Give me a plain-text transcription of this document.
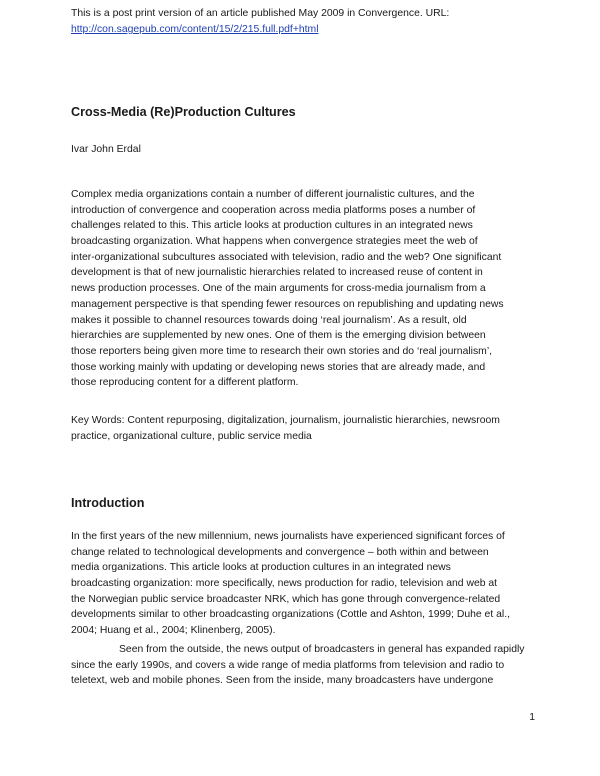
This is a post print version of an article published May 2009 in Convergence. URL:
http://con.sagepub.com/content/15/2/215.full.pdf+html
Cross-Media (Re)Production Cultures
Ivar John Erdal
Complex media organizations contain a number of different journalistic cultures, and the
introduction of convergence and cooperation across media platforms poses a number of
challenges related to this. This article looks at production cultures in an integrated news
broadcasting organization. What happens when convergence strategies meet the web of
inter-organizational subcultures associated with television, radio and the web? One significant
development is that of new journalistic hierarchies related to increased reuse of content in
news production processes. One of the main arguments for cross-media journalism from a
management perspective is that spending fewer resources on republishing and updating news
makes it possible to channel resources towards doing ‘real journalism’. As a result, old
hierarchies are supplemented by new ones. One of them is the emerging division between
those reporters being given more time to research their own stories and do ‘real journalism’,
those working mainly with updating or developing news stories that are already made, and
those reproducing content for a different platform.
Key Words: Content repurposing, digitalization, journalism, journalistic hierarchies, newsroom
practice, organizational culture, public service media
Introduction
In the first years of the new millennium, news journalists have experienced significant forces of
change related to technological developments and convergence – both within and between
media organizations. This article looks at production cultures in an integrated news
broadcasting organization: more specifically, news production for radio, television and web at
the Norwegian public service broadcaster NRK, which has gone through convergence-related
developments similar to other broadcasting organizations (Cottle and Ashton, 1999; Duhe et al.,
2004; Huang et al., 2004; Klinenberg, 2005).
Seen from the outside, the news output of broadcasters in general has expanded rapidly
since the early 1990s, and covers a wide range of media platforms from television and radio to
teletext, web and mobile phones. Seen from the inside, many broadcasters have undergone
1
